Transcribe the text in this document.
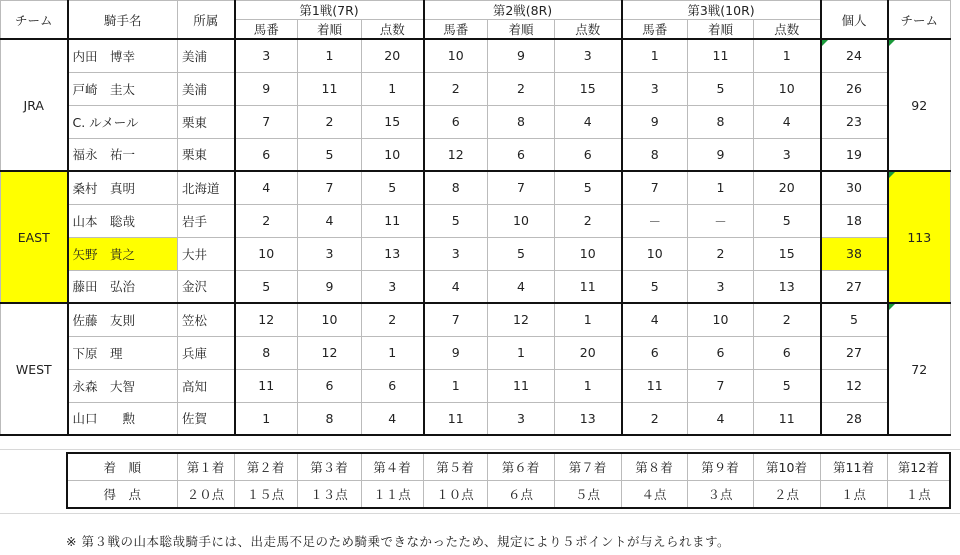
チーム	騎手名	所属	第1戦(7R)			第2戦(8R)			第3戦(10R)			個人	チーム
			馬番	着順	点数	馬番	着順	点数	馬番	着順	点数		
JRA	内田　博幸	美浦	3	1	20	10	9	3	1	11	1	24	92
	戸崎　圭太	美浦	9	11	1	2	2	15	3	5	10	26	
	C. ルメール	栗東	7	2	15	6	8	4	9	8	4	23	
	福永　祐一	栗東	6	5	10	12	6	6	8	9	3	19	
EAST	桑村　真明	北海道	4	7	5	8	7	5	7	1	20	30	113
	山本　聡哉	岩手	2	4	11	5	10	2	－	－	5	18	
	矢野　貴之	大井	10	3	13	3	5	10	10	2	15	38	
	藤田　弘治	金沢	5	9	3	4	4	11	5	3	13	27	
WEST	佐藤　友則	笠松	12	10	2	7	12	1	4	10	2	5	72
	下原　理	兵庫	8	12	1	9	1	20	6	6	6	27	
	永森　大智	高知	11	6	6	1	11	1	11	7	5	12	
	山口　　勲	佐賀	1	8	4	11	3	13	2	4	11	28	
	着　順	第１着	第２着	第３着	第４着	第５着	第６着	第７着	第８着	第９着	第10着	第11着	第12着
	得　点	２０点	１５点	１３点	１１点	１０点	６点	５点	４点	３点	２点	１点	１点
※ 第３戦の山本聡哉騎手には、出走馬不足のため騎乗できなかったため、規定により５ポイントが与えられます。
